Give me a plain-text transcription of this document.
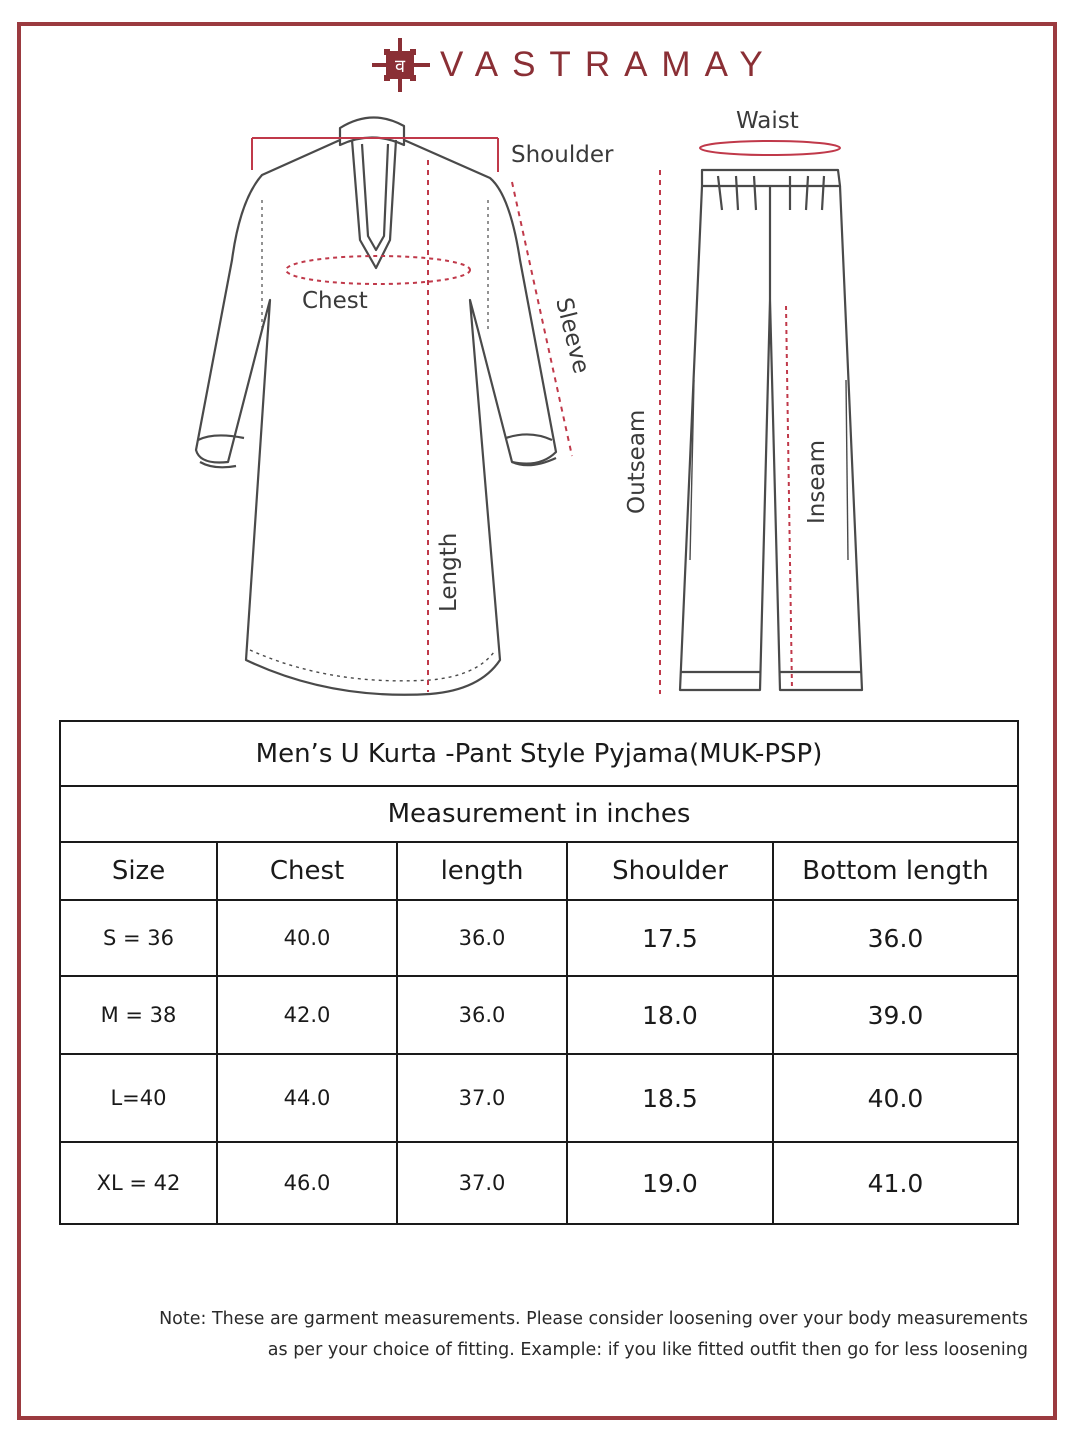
व VASTRAMAY
Shoulder
Chest	Sleeve
Length
Waist
Outseam	Inseam
Men’s U Kurta -Pant Style Pyjama(MUK-PSP)				
Measurement in inches				
Size	Chest	length	Shoulder	Bottom length
S = 36	40.0	36.0	17.5	36.0
M = 38	42.0	36.0	18.0	39.0
L=40	44.0	37.0	18.5	40.0
XL = 42	46.0	37.0	19.0	41.0
Note: These are garment measurements. Please consider loosening over your body measurements
as per your choice of fitting. Example: if you like fitted outfit then go for less loosening
